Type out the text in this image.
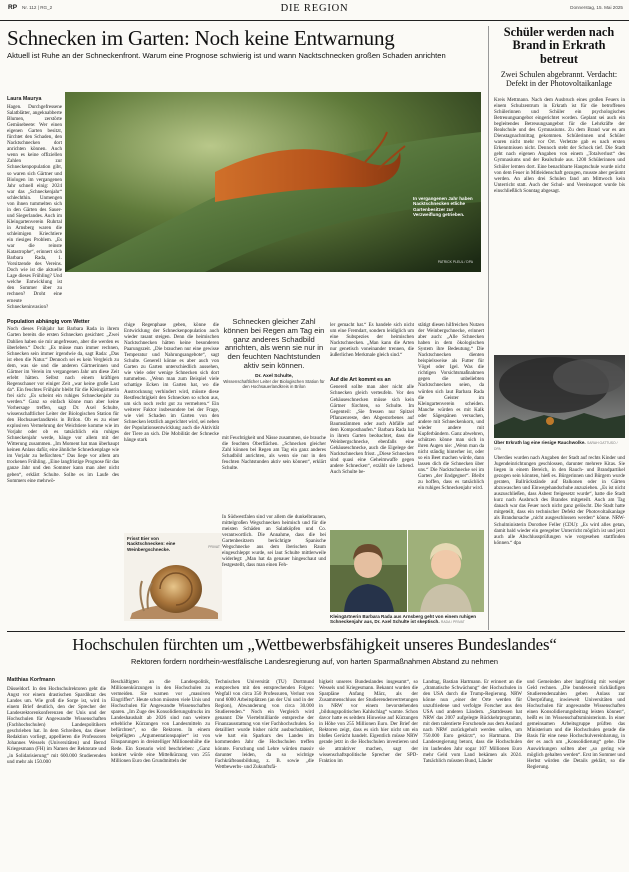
RP Nr. 112 | RG_2	DIE REGION	Donnerstag, 15. Mai 2025
Schnecken im Garten: Noch keine Entwarnung
Aktuell ist Ruhe an der Schneckenfront. Warum eine Prognose schwierig ist und wann Nacktschnecken großen Schaden anrichten
Laura Maurya
In vergangenen Jahr haben Nacktschnecken etliche Gartenbesitzer zur Verzweiflung getrieben.
PATRICK PLEUL / DPA
Hagen. Durchgefressene Salatblätter, angeknabberte Blumen, zerstörte Gemüsebeete: Wer einen eigenen Garten besitzt, fürchtet den Schaden, den Nacktschnecken dort anrichten können. Auch wenn es keine offiziellen Zahlen zur Schneckenpopulation gibt, so waren sich Gärtner und Biologen im vergangenen Jahr schnell einig: 2024 war das „Schneckenjahr“ schlechthin. Unmengen von ihnen tummelten sich in den Gärten des Sauer- und Siegerlandes. Auch im Kleingartenverein Ruhrtal in Arnsberg waren die schleimigen Kriechtiere ein riesiges Problem. „Es war die reinste Katastrophe“, erinnert sich Barbara Rada, 1. Vorsitzende des Vereins. Doch wie ist die aktuelle Lage dieses Frühling? Und welche Entwicklung ist den Sommer über zu rechnen? Droht eine erneute Schneckeninvasion?
Population abhängig vom Wetter
Noch dieses Frühjahr hat Barbara Rada in ihrem Garten bereits die ersten Schnecken gesichtet: „Zwei Dahlien haben sie mir angefressen, aber die werden es überleben.“ Doch: „Es müsse man immer rechnen, Schnecken sein immer irgendwie da, sagt Rada: „Das ist eben die Natur.“ Dennoch sei es kein Vergleich zu dem, was sie und die anderen Gärtnerinnen und Gärtner im Verein im vergangenen Jahr um diese Zeit erlebt hätten. Selbst nach einem kräftigen Regenschauer vor einiger Zeit „war keine große Last da“. Ein feuchtes Frühjahr bleibt für die Kleingärtnerin frei sich: „Es scheint ein ruhiges Schneckenjahr zu werden.“ Ganz so einfach könne man aber keine Vorhersage treffen, sagt Dr. Axel Schulte, wissenschaftlicher Leiter der Biologischen Station für den Hochsauerlandkreis in Brilon. Ob es zu einer explosiven Vermehrung der Weichtiere komme wie im Vorjahr oder ob es tatsächlich ein ruhiges Schneckenjahr werde, hänge vor allem mit der Witterung zusammen. „Im Moment hat man überhaupt keinen Anlass dafür, eine ähnliche Schneckenplage wie im Vorjahr zu befürchten.“ Das liege vor allem am trockenen Frühling. „Eine langfristige Prognose für das ganze Jahr und den Sommer kann man aber nicht geben“, erklärt Schulte. Sollte es im Laufe des Sommers eine mehrwö-
chige Regenphase geben, könne die Entwicklung der Schneckenpopulation auch wieder rasant steigen. Denn die heimischen Nacktschnecken hätten keine besonderen Paarungszeit. „Die brauchen nur eine gewisse Temperatur und Nahrungsangebote“, sagt Schulte. Generell könne es aber auch von Garten zu Garten unterschiedlich aussehen, wie viele oder wenige Schnecken sich dort tummelten. „Wenn man zum Beispiel viele schattige Ecken im Garten hat, wo die Austrocknung verhindert wird, müsste diese Restfeuchtigkeit den Schnecken so schon aus, um sich noch recht gut zu vermehren.“ Ein weiterer Faktor insbesondere bei der Frage, wie viel Schaden im Garten von den Schnecken letztlich angerichtet wird, sei neben der Populationsentwicklung auch die Aktivität der Tiere an sich. Die Mobilität der Schnecke hänge stark
Schnecken gleicher Zahl können bei Regen am Tag ein ganz anderes Schadbild anrichten, als wenn sie nur in den feuchten Nachtstunden aktiv sein können.
Dr. Axel Schulte,
Wissenschaftlicher Leiter der Biologischen Station für den Hochsauerlandkreis in Brilon
mit Feuchtigkeit und Nässe zusammen, sie brauche die feuchten Oberflächen. „Schnecken gleicher Zahl können bei Regen am Tag ein ganz anderes Schadbild anrichten, als wenn sie nur in den feuchten Nachtstunden aktiv sein können“, erklärt Schulte.
In Südwestfalen sind vor allem die dunkelbraunen, mittelgroßen Wegschnecken heimisch und für die meisten Schäden an Salatköpfen und Co. verantwortlich. Die Annahme, dass die bei Gartenbesitzern berüchtigte Spanische Wegschnecke aus dem iberischen Raum eingeschleppt wurde, sei laut Schulte mittlerweile widerlegt: „Man hat da genauer hingeschaut und festgestellt, dass man einen Feh-
Frisst Eier von Nacktschnecken: eine Weinbergschnecke.	PRIVAT
ler gemacht hat.“ Es handele sich nicht um eine Fremdart, sondern leidiglich um eine Subspezies der heimischen Nacktschnecken. „Man kann die Arten nur genetisch voneinander trennen, die äußerlichen Merkmale gleich sind.“
Auf die Art kommt es an
Generell sollte man aber nicht alle Schnecken gleich verteufeln. Vor den Gehäuseschnecken müsse sich kein Gärtner fürchten, so Schulte. Im Gegenteil: „Sie fressen nur Spitzel Pflanzenreste, den Abgestorbenes auf Baumstämmen oder auch Abfälle auf dem Komposthaufen.“ Barbara Rada hat in ihrem Garten beobachtet, dass die Weinbergschnecke, ebenfalls eine Gehäuseschnecke, auch die Eigelege der Nacktschnecken frisst. „Diese Schnecken sind quasi eine Geheimwaffe gegen andere Schnecken“, erzählt sie lachend. Auch Schulte be-
stätigt diesen hilfreichen Nutzen der Weinbergschnecke, erinnert aber auch: „Alle Schnecken haben in dem ökologischen System ihre Bedeutung.“ Die Nacktschnecken dienten beispielsweise als Futter für Vögel oder Igel. Was die richtigen Vorsichtsmaßnahmen gegen die unbeliebten Nacktschnecken seien, da würden sich laut Barbara Rada die Geister im Kleingartenverein scheiden. Manche würden es mit Kalk oder Sägespänen versuchen, andere mit Schneckenkorn, und wieder andere mit Kupferbändern. Ganz abwehren, schützen könne man sich in ihren Augen nie: „Wenn man da nicht ständig hinterher ist, oder so ein Beet machen würde, dann lassen dich die Schnecken über uns.“ Die Nacktschnecke sei im Garten „der Endgegner“. Bleibt zu hoffen, dass es tatsächlich ein ruhiges Schneckenjahr wird.
Kleingärtnerin Barbara Rada aus Arnsberg geht von einem ruhigen Schneckenjahr aus, Dr. Axel Schulte ist skeptisch. RADA / PRIVAT
Schüler werden nach Brand in Erkrath betreut
Zwei Schulen abgebrannt. Verdacht: Defekt in der Photovoltaikanlage
Kreis Mettmann. Nach dem Ausbruch eines großen Feuers in einem Schulzentrum in Erkrath ist für die betroffenen Schülerinnen und Schüler ein psychologisches Betreuungsangebot eingerichtet worden. Geplant sei auch ein begleitendes Betreuungsangebot für die Lehrkräfte der Realschule und des Gymnasiums. Zu dem Brand war es am Dienstagnachmittag gekommen. Schülerinnen und Schüler waren nicht mehr vor Ort. Verletzte gab es nach ersten Erkenntnissen nicht. Dennoch steht der Schock tief. Die Stadt geht nach eigenen Angaben von einem „Totalverlust“ des Gymnasiums und der Realschule aus. 1200 Schülerinnen und Schüler lernten dort. Eine benachbarte Hauptschule wurde nicht von dem Feuer in Mitleidenschaft gezogen, musste aber geräumt werden. An allen drei Schulen fand am Mittwoch kein Unterricht statt. Auch der Schul- und Vereinssport wurde bis einschließlich Sonntag abgesagt.
Über Erkrath lag eine riesige Rauchwolke. SARAH GATTUSO / DPA
Überdies wurden nach Angaben der Stadt auf rechts Kinder und Jugendeinrichtungen geschlossen, darunter mehrere Kitas. Sie liegen in einem Bereich, in den Rauch- und Brandpartikel gezogen sein könnten, hieß es. Bürgerinnen und Bürgern wurde geraten, Ballrückstände auf Balkonen oder in Gärten abzuwaschen und Einwegehandschuhe anzuziehen. „Es ist nicht auszuschließen, dass Asbest freigesetzt wurde“, hatte die Stadt kurz nach Ausbruch des Brandes mitgeteilt. Auch am Tag danach war das Feuer noch nicht ganz gelöscht. Die Stadt hatte mitgeteilt, dass ein technischer Defekt der Photovoltaikanlage als Brandursache „nicht ausgeschlossen werden“ könne. NRW-Schulministerin Dorothee Feller (CDU): „Es wird alles getan, damit bald wieder ein geregelter Unterricht möglich ist und jetzt auch alle Abschlussprüfungen wie vorgesehen stattfinden können.“ dpa
Hochschulen fürchten um „Wettbewerbsfähigkeit unseres Bundeslandes“
Rektoren fordern nordrhein-westfälische Landesregierung auf, von harten Sparmaßnahmen Abstand zu nehmen
Matthias Korfmann
Düsseldorf. In den Hochschulrektoren geht die Angst vor einem drastischen Spardiktat des Landes um. Wie groß die Sorge ist, wird in einem Brief deutlich, den der Sprecher der Landesrektorenkonferenzen der Unis und der Hochschulen für Angewandte Wissenschaften (Fachhochschulen) Landespolitikern geschrieben hat. In dem Schreiben, das dieser Redaktion vorliegt, appellieren die Professoren Johannes Wessels (Universitäten) und Bernd Kriegesmann (FH) im Namen der Rektorate und „in Solidarisierung“ mit 600.000 Studierenden und mehr als 150.000
Beschäftigten an die Landespolitik, Millionenkürzungen in den Hochschulen zu vermeiden. Sie warnen vor „massiven Eingriffen“. Heute schon müssten viele Unis und Hochschulen für Angewandte Wissenschaften sparen. „Im Zuge des Konsolidierungsdrucks im Landeshaushalt ab 2026 sind nun weitere erhebliche Kürzungen von Landesmitteln zu befürchten“, so die Rektoren. In einem beigefügten „Argumentationspapier“ ist von Einsparungen in dreistelliger Millionenhöhe die Rede. Ein Szenario wird beschrieben: „Ganz konkret würde eine Mittelkürzung von 255 Millionen Euro den Grundmitteln der
Technischen Universität (TU) Dortmund entsprechen mit den entsprechenden Folgen: Wegfall von circa 350 Professuren, Verlust von rund 6000 Arbeitsplätzen (an der Uni und in der Region), Abwanderung von circa 30.000 Studierenden.“ Noch ein Vergleich wird genannt: Die Viertelmilliarde entspreche der Finanzausstattung von vier Fachhochschulen. So detailliert wurde bisher nicht ausbuchstabiert, wie hart ein Sparkurs des Landes im kommenden Jahr die Hochschulen treffen könnte. Forschung und Lehre würden massiv darunter leiden, da so wichtige Fachkräfteausbildung, z. B. sowie „die Wettbewerbs- und Zukunftsfä-
higkeit unseres Bundeslandes insgesamt“, so Wessels und Kriegesmann. Bekannt wurden die Sparpläne Anfang März, als der Zusammenschluss der Studierendenvertretungen in NRW vor einem bevorstehenden „bildungspolitischen Kahlschlag“ warnte. Schon davor hatte es seitdem Hinweise auf Kürzungen in Höhe von 255 Millionen Euro. Der Brief der Rektoren zeigt, dass es sich hier nicht um ein bloßes Gerücht handelt. Eigentlich müsse NRW gerade jetzt in die Hochschulen investieren und sie attraktiver machen, sagt der wissenschaftspolitische Sprecher der SPD-Fraktion im
Landtag, Bastian Hartmann. Er erinnert an die „dramatische Schwächung“ der Hochschulen in den USA durch die Trump-Regierung. NRW könne nun „einer der Orte werden für unzufriedene und verfolgte Forscher aus den USA und anderen Ländern. „Stattdessen hat NRW das 2007 aufgelegte Rückkehrprogramm, mit dem talentierte Forschende aus dem Ausland nach NRW zurückgeholt werden sollen, um 750.000 Euro gekürzt“, so Hartmann. Die Landesregierung betont, dass die Hochschulen im laufenden Jahr sogar 107 Millionen Euro mehr Geld vom Land bekämen als 2024. Tatsächlich müssten Bund, Länder
und Gemeinden aber langfristig mit weniger Geld rechnen. „Die bundesweit rückläufigen Studierendenzahlen geben Anlass zur Überprüfung, inwieweit Universitäten und Hochschulen für angewandte Wissenschaften einen Konsolidierungsbeitrag leisten können“, heißt es im Wissenschaftsministerium. In einer gemeinsamen Arbeitsgruppe prüften das Ministerium und die Hochschulen gerade die Basis für eine neue Hochschulvereinbarung, in der es auch um „Konsolidierung“ gehe. Die Auswirkungen sollten aber „so gering wie möglich gehalten werden“. Erst im Sommer und Herbst würden die Details geklärt, so die Regierung.
